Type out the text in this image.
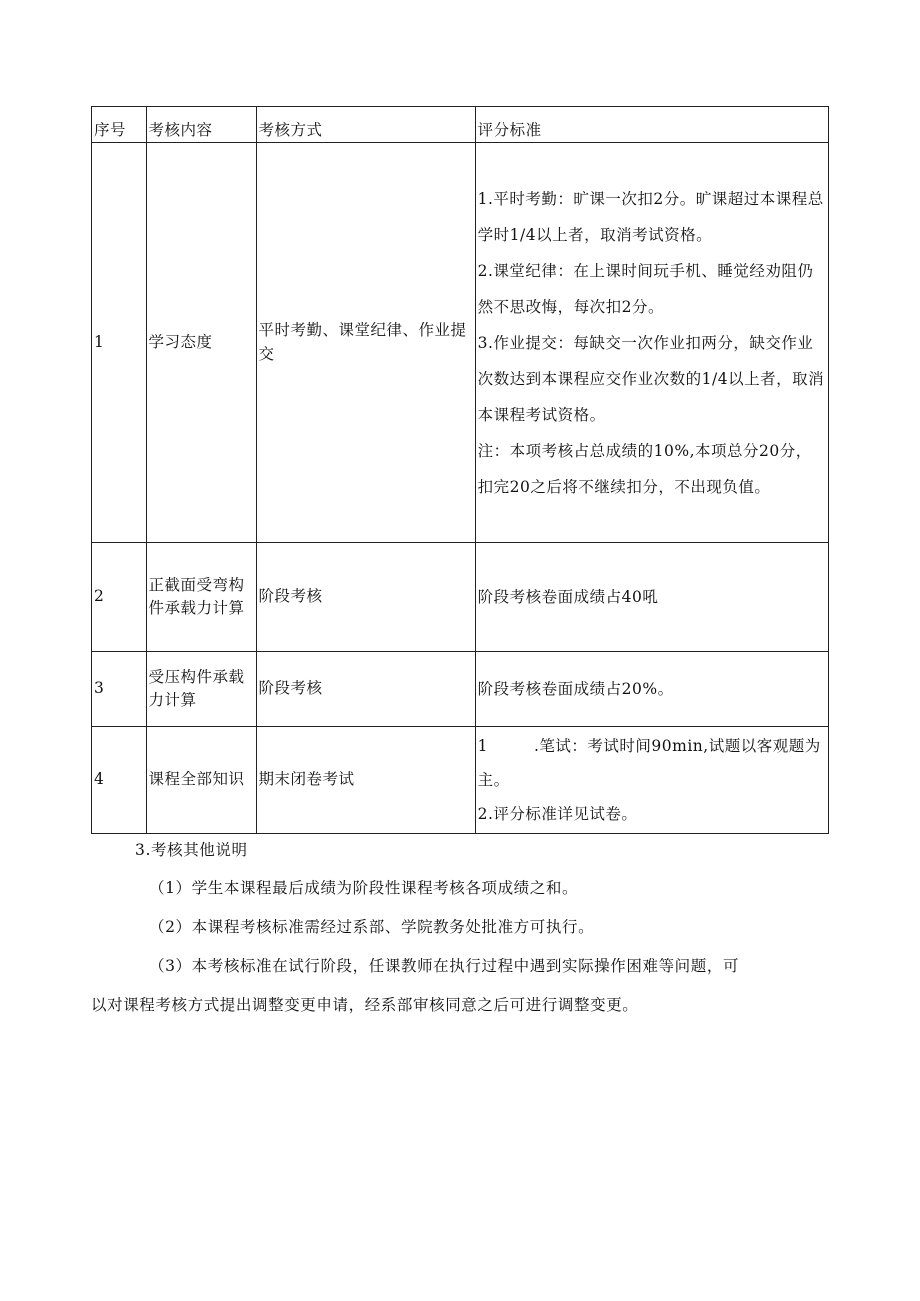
序号	考核内容	考核方式	评分标准
1	学习态度	平时考勤、课堂纪律、作业提交	1.平时考勤：旷课一次扣2分。旷课超过本课程总学时1/4以上者，取消考试资格。

2.课堂纪律：在上课时间玩手机、睡觉经劝阻仍然不思改悔，每次扣2分。

3.作业提交：每缺交一次作业扣两分，缺交作业次数达到本课程应交作业次数的1/4以上者，取消本课程考试资格。

注：本项考核占总成绩的10%,本项总分20分，扣完20之后将不继续扣分，不出现负值。

2	正截面受弯构件承载力计算	阶段考核	阶段考核卷面成绩占40吼

3	受压构件承载力计算	阶段考核	阶段考核卷面成绩占20%。

4	课程全部知识	期末闭卷考试	1 .笔试：考试时间90min,试题以客观题为主。

2.评分标准详见试卷。

3.考核其他说明
（1）学生本课程最后成绩为阶段性课程考核各项成绩之和。
（2）本课程考核标准需经过系部、学院教务处批准方可执行。
（3）本考核标准在试行阶段，任课教师在执行过程中遇到实际操作困难等问题，可
以对课程考核方式提出调整变更申请，经系部审核同意之后可进行调整变更。
